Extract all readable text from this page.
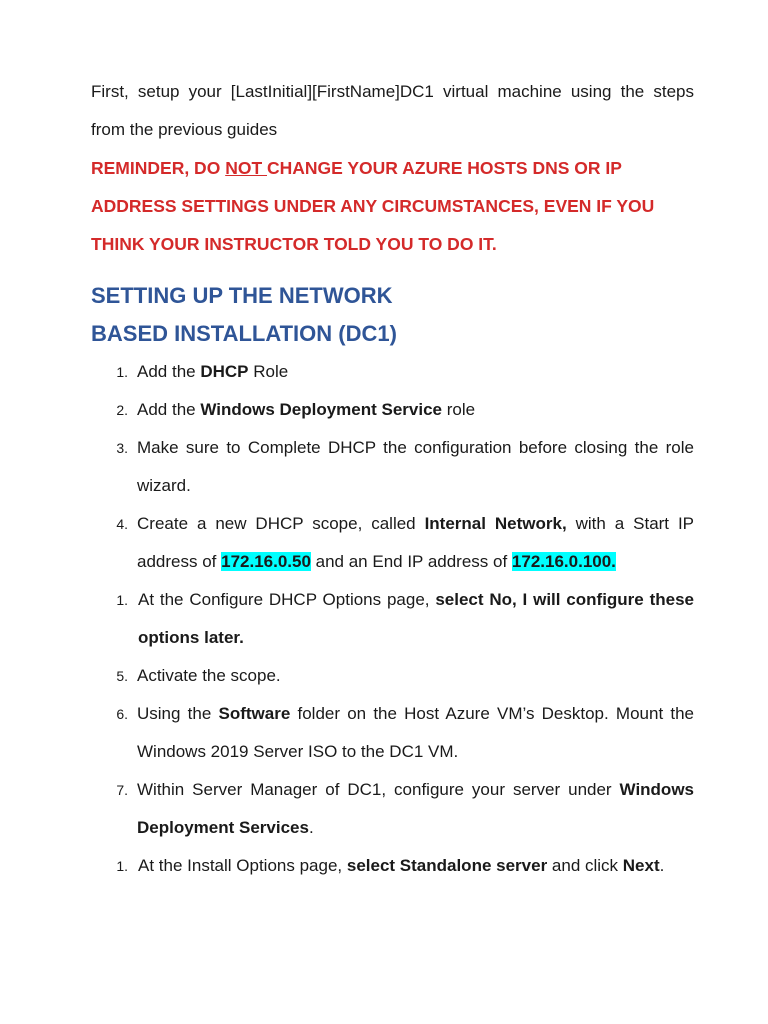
First, setup your [LastInitial][FirstName]DC1 virtual machine using the steps from the previous guides

REMINDER, DO NOT CHANGE YOUR AZURE HOSTS DNS OR IP ADDRESS SETTINGS UNDER ANY CIRCUMSTANCES, EVEN IF YOU THINK YOUR INSTRUCTOR TOLD YOU TO DO IT.

SETTING UP THE NETWORK
BASED INSTALLATION (DC1)
1. Add the DHCP Role
2. Add the Windows Deployment Service role
3. Make sure to Complete DHCP the configuration before closing the role wizard.
4. Create a new DHCP scope, called Internal Network, with a Start IP address of 172.16.0.50 and an End IP address of 172.16.0.100.
1. At the Configure DHCP Options page, select No, I will configure these options later.
5. Activate the scope.
6. Using the Software folder on the Host Azure VM’s Desktop. Mount the Windows 2019 Server ISO to the DC1 VM.
7. Within Server Manager of DC1, configure your server under Windows Deployment Services.
1. At the Install Options page, select Standalone server and click Next.
